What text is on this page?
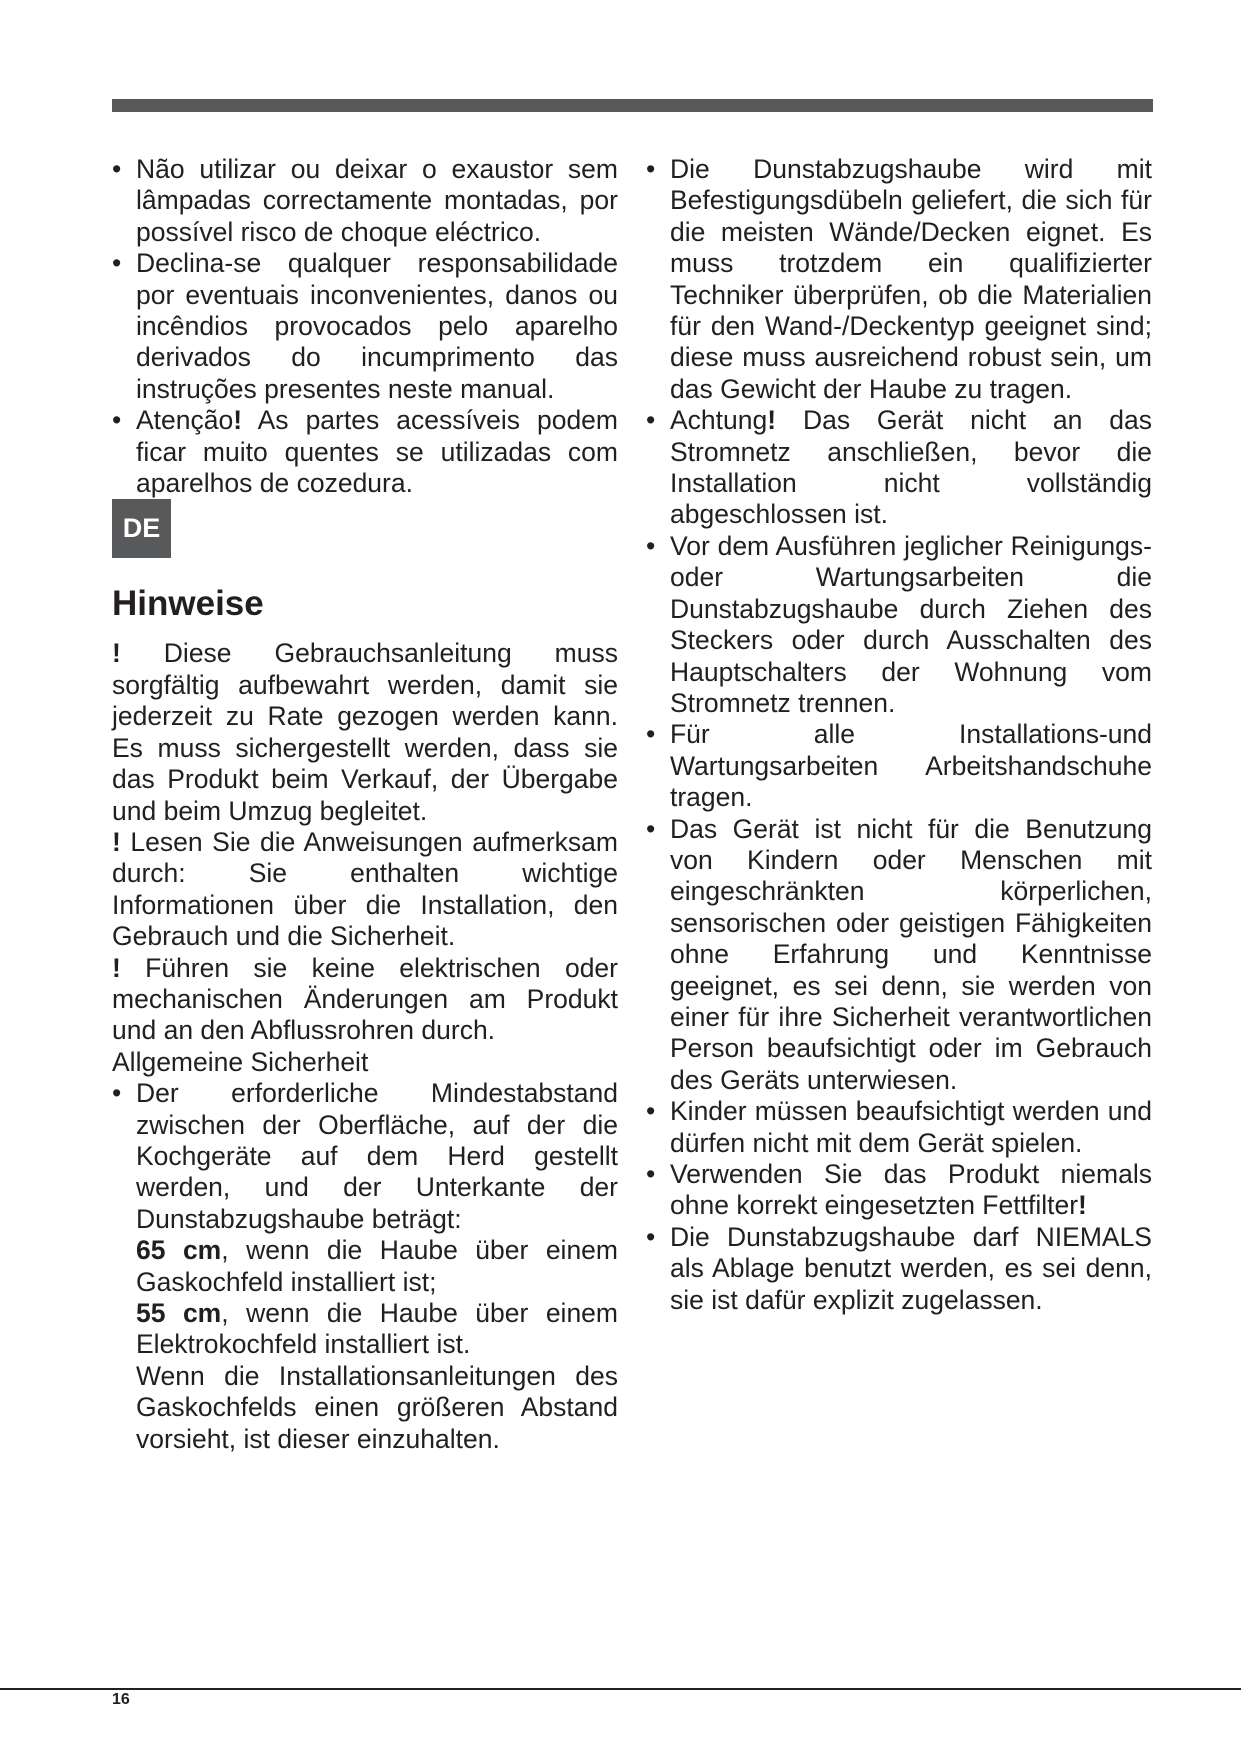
• Não utilizar ou deixar o exaustor sem lâmpadas correctamente montadas, por possível risco de choque eléctrico.

• Declina-se qualquer responsabilidade por eventuais inconvenientes, danos ou incêndios provocados pelo aparelho derivados do incumprimento das instruções presentes neste manual.

• Atenção! As partes acessíveis podem ficar muito quentes se utilizadas com aparelhos de cozedura.

DE
Hinweise

! Diese Gebrauchsanleitung muss sorgfältig aufbewahrt werden, damit sie jederzeit zu Rate gezogen werden kann. Es muss sichergestellt werden, dass sie das Produkt beim Verkauf, der Übergabe und beim Umzug begleitet.

! Lesen Sie die Anweisungen aufmerksam durch: Sie enthalten wichtige Informationen über die Installation, den Gebrauch und die Sicherheit.

! Führen sie keine elektrischen oder mechanischen Änderungen am Produkt und an den Abflussrohren durch.

Allgemeine Sicherheit

• Der erforderliche Mindestabstand zwischen der Oberfläche, auf der die Kochgeräte auf dem Herd gestellt werden, und der Unterkante der Dunstabzugshaube beträgt:

65 cm, wenn die Haube über einem Gaskochfeld installiert ist;

55 cm, wenn die Haube über einem Elektrokochfeld installiert ist.

Wenn die Installationsanleitungen des Gaskochfelds einen größeren Abstand vorsieht, ist dieser einzuhalten.

• Die Dunstabzugshaube wird mit Befestigungsdübeln geliefert, die sich für die meisten Wände/Decken eignet. Es muss trotzdem ein qualifizierter Techniker überprüfen, ob die Materialien für den Wand-/Deckentyp geeignet sind; diese muss ausreichend robust sein, um das Gewicht der Haube zu tragen.

• Achtung! Das Gerät nicht an das Stromnetz anschließen, bevor die Installation nicht vollständig abgeschlossen ist.

• Vor dem Ausführen jeglicher Reinigungs- oder Wartungsarbeiten die Dunstabzugshaube durch Ziehen des Steckers oder durch Ausschalten des Hauptschalters der Wohnung vom Stromnetz trennen.

• Für alle Installations-und Wartungsarbeiten Arbeitshandschuhe tragen.

• Das Gerät ist nicht für die Benutzung von Kindern oder Menschen mit eingeschränkten körperlichen, sensorischen oder geistigen Fähigkeiten ohne Erfahrung und Kenntnisse geeignet, es sei denn, sie werden von einer für ihre Sicherheit verantwortlichen Person beaufsichtigt oder im Gebrauch des Geräts unterwiesen.

• Kinder müssen beaufsichtigt werden und dürfen nicht mit dem Gerät spielen.

• Verwenden Sie das Produkt niemals ohne korrekt eingesetzten Fettfilter!

• Die Dunstabzugshaube darf NIEMALS als Ablage benutzt werden, es sei denn, sie ist dafür explizit zugelassen.

16
